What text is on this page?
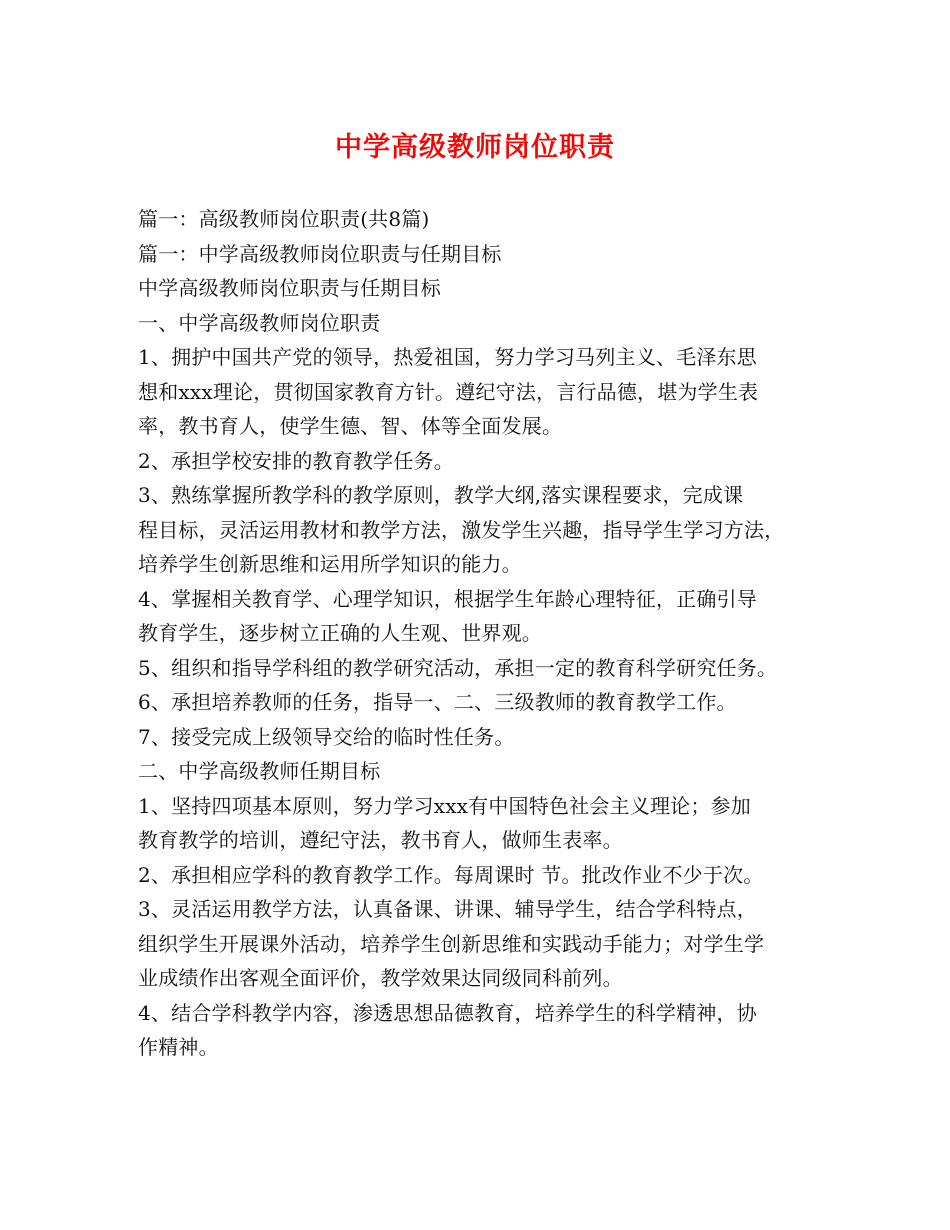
中学高级教师岗位职责
篇一：高级教师岗位职责(共8篇)
篇一：中学高级教师岗位职责与任期目标
中学高级教师岗位职责与任期目标
一、中学高级教师岗位职责
1、拥护中国共产党的领导，热爱祖国，努力学习马列主义、毛泽东思
想和xxx理论，贯彻国家教育方针。遵纪守法，言行品德，堪为学生表
率，教书育人，使学生德、智、体等全面发展。
2、承担学校安排的教育教学任务。
3、熟练掌握所教学科的教学原则，教学大纲,落实课程要求，完成课
程目标，灵活运用教材和教学方法，激发学生兴趣，指导学生学习方法，
培养学生创新思维和运用所学知识的能力。
4、掌握相关教育学、心理学知识，根据学生年龄心理特征，正确引导
教育学生，逐步树立正确的人生观、世界观。
5、组织和指导学科组的教学研究活动，承担一定的教育科学研究任务。
6、承担培养教师的任务，指导一、二、三级教师的教育教学工作。
7、接受完成上级领导交给的临时性任务。
二、中学高级教师任期目标
1、坚持四项基本原则，努力学习xxx有中国特色社会主义理论；参加
教育教学的培训，遵纪守法，教书育人，做师生表率。
2、承担相应学科的教育教学工作。每周课时 节。批改作业不少于次。
3、灵活运用教学方法，认真备课、讲课、辅导学生，结合学科特点，
组织学生开展课外活动，培养学生创新思维和实践动手能力；对学生学
业成绩作出客观全面评价，教学效果达同级同科前列。
4、结合学科教学内容，渗透思想品德教育，培养学生的科学精神，协
作精神。
